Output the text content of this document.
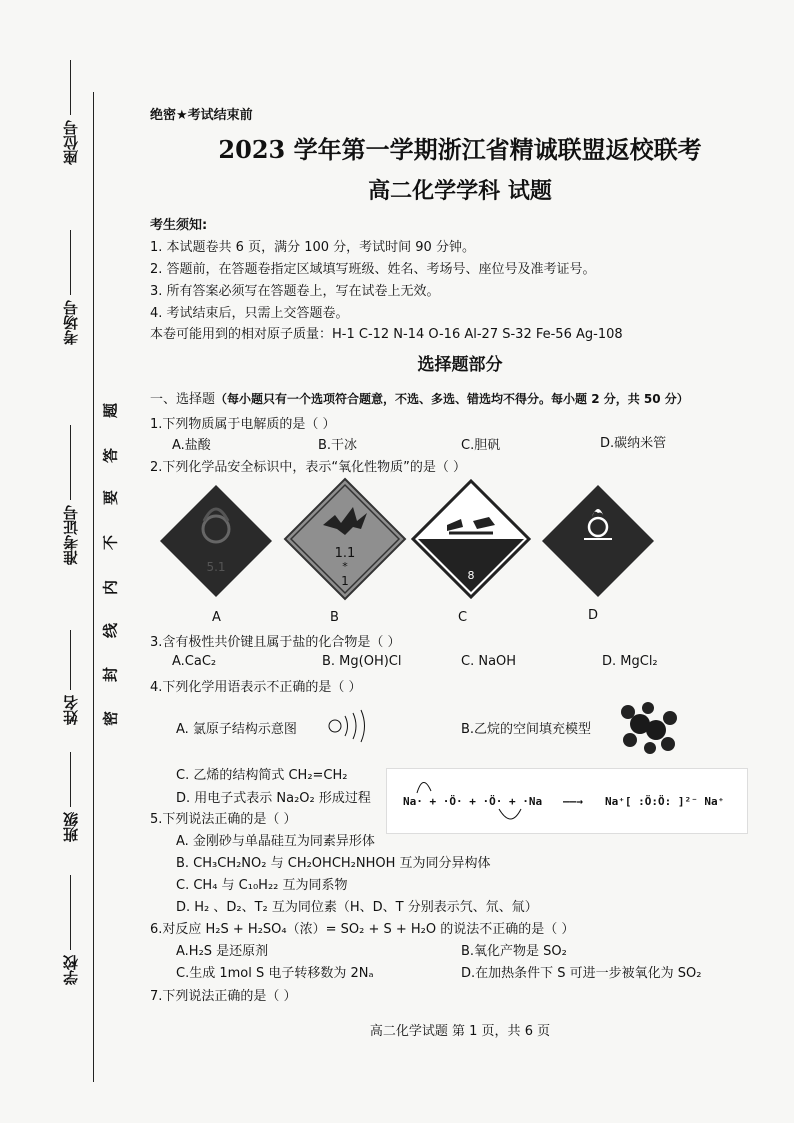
座位号
考场号
准考证号
姓名
班级
学校
题
答
要
不
内
线
封
密
绝密★考试结束前
2023 学年第一学期浙江省精诚联盟返校联考
高二化学学科 试题
考生须知:
1. 本试题卷共 6 页，满分 100 分，考试时间 90 分钟。
2. 答题前，在答题卷指定区域填写班级、姓名、考场号、座位号及准考证号。
3. 所有答案必须写在答题卷上，写在试卷上无效。
4. 考试结束后，只需上交答题卷。
本卷可能用到的相对原子质量：H-1 C-12 N-14 O-16 Al-27 S-32 Fe-56 Ag-108
选择题部分
一、选择题（每小题只有一个选项符合题意，不选、多选、错选均不得分。每小题 2 分，共 50 分）
1.下列物质属于电解质的是（ ）
A.盐酸	B.干冰	C.胆矾	D.碳纳米管
2.下列化学品安全标识中，表示“氧化性物质”的是（ ）
5.1
1.1
*
1	8
A	B	C	D
3.含有极性共价键且属于盐的化合物是（ ）
A.CaC₂	B. Mg(OH)Cl	C. NaOH	D. MgCl₂
4.下列化学用语表示不正确的是（ ）
A. 氯原子结构示意图	B.乙烷的空间填充模型
C. 乙烯的结构简式 CH₂=CH₂
D. 用电子式表示 Na₂O₂ 形成过程	Na· + ·Ö· + ·Ö· + ·Na ——→ Na⁺[ :Ö:Ö: ]²⁻ Na⁺
5.下列说法正确的是（ ）
A. 金刚砂与单晶硅互为同素异形体
B. CH₃CH₂NO₂ 与 CH₂OHCH₂NHOH 互为同分异构体
C. CH₄ 与 C₁₀H₂₂ 互为同系物
D. H₂ 、D₂、T₂ 互为同位素（H、D、T 分别表示氕、氘、氚）
6.对反应 H₂S + H₂SO₄（浓）= SO₂ + S + H₂O 的说法不正确的是（ ）
A.H₂S 是还原剂	B.氧化产物是 SO₂
C.生成 1mol S 电子转移数为 2Nₐ	D.在加热条件下 S 可进一步被氧化为 SO₂
7.下列说法正确的是（ ）
高二化学试题 第 1 页，共 6 页
